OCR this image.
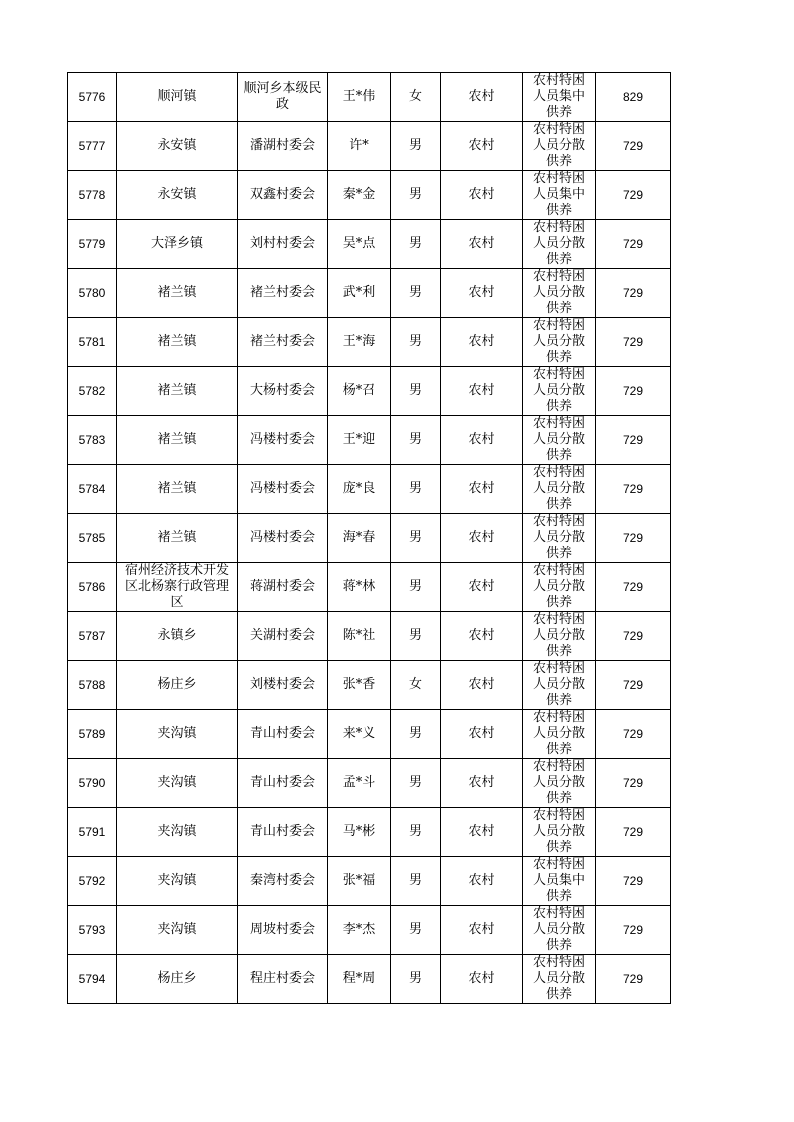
5776	顺河镇	顺河乡本级民政	王*伟	女	农村	农村特困人员集中供养	829
5777	永安镇	潘湖村委会	许*	男	农村	农村特困人员分散供养	729
5778	永安镇	双鑫村委会	秦*金	男	农村	农村特困人员集中供养	729
5779	大泽乡镇	刘村村委会	吴*点	男	农村	农村特困人员分散供养	729
5780	褚兰镇	褚兰村委会	武*利	男	农村	农村特困人员分散供养	729
5781	褚兰镇	褚兰村委会	王*海	男	农村	农村特困人员分散供养	729
5782	褚兰镇	大杨村委会	杨*召	男	农村	农村特困人员分散供养	729
5783	褚兰镇	冯楼村委会	王*迎	男	农村	农村特困人员分散供养	729
5784	褚兰镇	冯楼村委会	庞*良	男	农村	农村特困人员分散供养	729
5785	褚兰镇	冯楼村委会	海*春	男	农村	农村特困人员分散供养	729
5786	宿州经济技术开发区北杨寨行政管理区	蒋湖村委会	蒋*林	男	农村	农村特困人员分散供养	729
5787	永镇乡	关湖村委会	陈*社	男	农村	农村特困人员分散供养	729
5788	杨庄乡	刘楼村委会	张*香	女	农村	农村特困人员分散供养	729
5789	夹沟镇	青山村委会	来*义	男	农村	农村特困人员分散供养	729
5790	夹沟镇	青山村委会	孟*斗	男	农村	农村特困人员分散供养	729
5791	夹沟镇	青山村委会	马*彬	男	农村	农村特困人员分散供养	729
5792	夹沟镇	秦湾村委会	张*福	男	农村	农村特困人员集中供养	729
5793	夹沟镇	周坡村委会	李*杰	男	农村	农村特困人员分散供养	729
5794	杨庄乡	程庄村委会	程*周	男	农村	农村特困人员分散供养	729
